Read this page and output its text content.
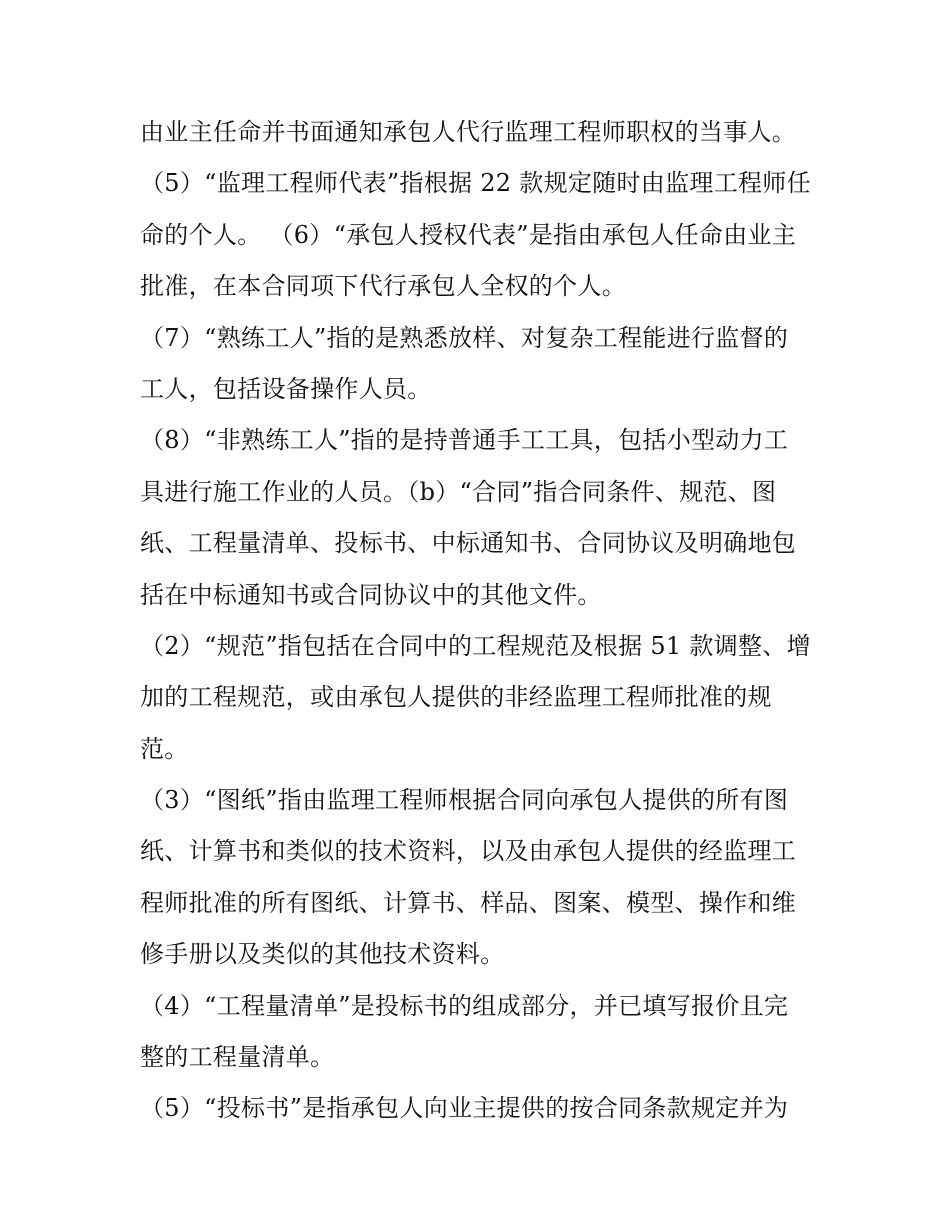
由业主任命并书面通知承包人代行监理工程师职权的当事人。
（5）“监理工程师代表”指根据 22 款规定随时由监理工程师任
命的个人。 （6）“承包人授权代表”是指由承包人任命由业主
批准，在本合同项下代行承包人全权的个人。
（7）“熟练工人”指的是熟悉放样、对复杂工程能进行监督的
工人，包括设备操作人员。
（8）“非熟练工人”指的是持普通手工工具，包括小型动力工
具进行施工作业的人员。（b）“合同”指合同条件、规范、图
纸、工程量清单、投标书、中标通知书、合同协议及明确地包
括在中标通知书或合同协议中的其他文件。
（2）“规范”指包括在合同中的工程规范及根据 51 款调整、增
加的工程规范，或由承包人提供的非经监理工程师批准的规
范。
（3）“图纸”指由监理工程师根据合同向承包人提供的所有图
纸、计算书和类似的技术资料，以及由承包人提供的经监理工
程师批准的所有图纸、计算书、样品、图案、模型、操作和维
修手册以及类似的其他技术资料。
（4）“工程量清单”是投标书的组成部分，并已填写报价且完
整的工程量清单。
（5）“投标书”是指承包人向业主提供的按合同条款规定并为
